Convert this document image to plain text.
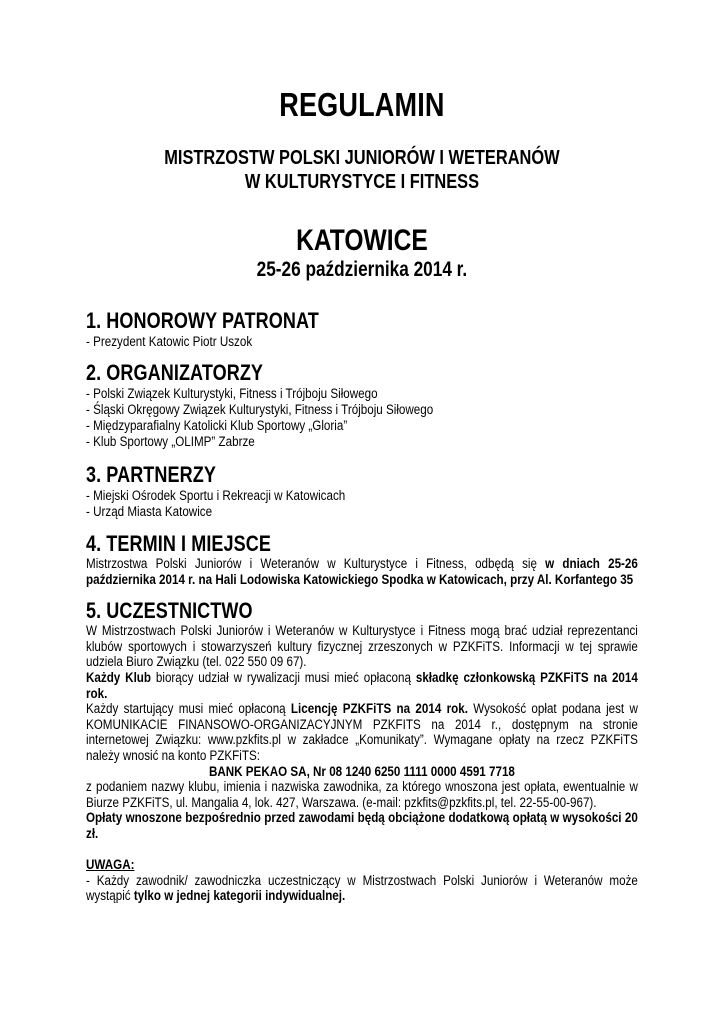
REGULAMIN
MISTRZOSTW POLSKI JUNIORÓW I WETERANÓW
W KULTURYSTYCE I FITNESS
KATOWICE
25-26 października 2014 r.
1. HONOROWY PATRONAT
- Prezydent Katowic Piotr Uszok
2. ORGANIZATORZY
- Polski Związek Kulturystyki, Fitness i Trójboju Siłowego
- Śląski Okręgowy Związek Kulturystyki, Fitness i Trójboju Siłowego
- Międzyparafialny Katolicki Klub Sportowy „Gloria”
- Klub Sportowy „OLIMP” Zabrze
3. PARTNERZY
- Miejski Ośrodek Sportu i Rekreacji w Katowicach
- Urząd Miasta Katowice
4. TERMIN I MIEJSCE

Mistrzostwa Polski Juniorów i Weteranów w Kulturystyce i Fitness, odbędą się w dniach 25-26 października 2014 r. na Hali Lodowiska Katowickiego Spodka w Katowicach, przy Al. Korfantego 35

5. UCZESTNICTWO

W Mistrzostwach Polski Juniorów i Weteranów w Kulturystyce i Fitness mogą brać udział reprezentanci klubów sportowych i stowarzyszeń kultury fizycznej zrzeszonych w PZKFiTS. Informacji w tej sprawie udziela Biuro Związku (tel. 022 550 09 67).

Każdy Klub biorący udział w rywalizacji musi mieć opłaconą składkę członkowską PZKFiTS na 2014 rok.

Każdy startujący musi mieć opłaconą Licencję PZKFiTS na 2014 rok. Wysokość opłat podana jest w KOMUNIKACIE FINANSOWO-ORGANIZACYJNYM PZKFITS na 2014 r., dostępnym na stronie internetowej Związku: www.pzkfits.pl w zakładce „Komunikaty”. Wymagane opłaty na rzecz PZKFiTS należy wnosić na konto PZKFiTS:

BANK PEKAO SA, Nr 08 1240 6250 1111 0000 4591 7718

z podaniem nazwy klubu, imienia i nazwiska zawodnika, za którego wnoszona jest opłata, ewentualnie w Biurze PZKFiTS, ul. Mangalia 4, lok. 427, Warszawa. (e-mail: pzkfits@pzkfits.pl, tel. 22-55-00-967).

Opłaty wnoszone bezpośrednio przed zawodami będą obciążone dodatkową opłatą w wysokości 20 zł.

UWAGA:

- Każdy zawodnik/ zawodniczka uczestniczący w Mistrzostwach Polski Juniorów i Weteranów może wystąpić tylko w jednej kategorii indywidualnej.
